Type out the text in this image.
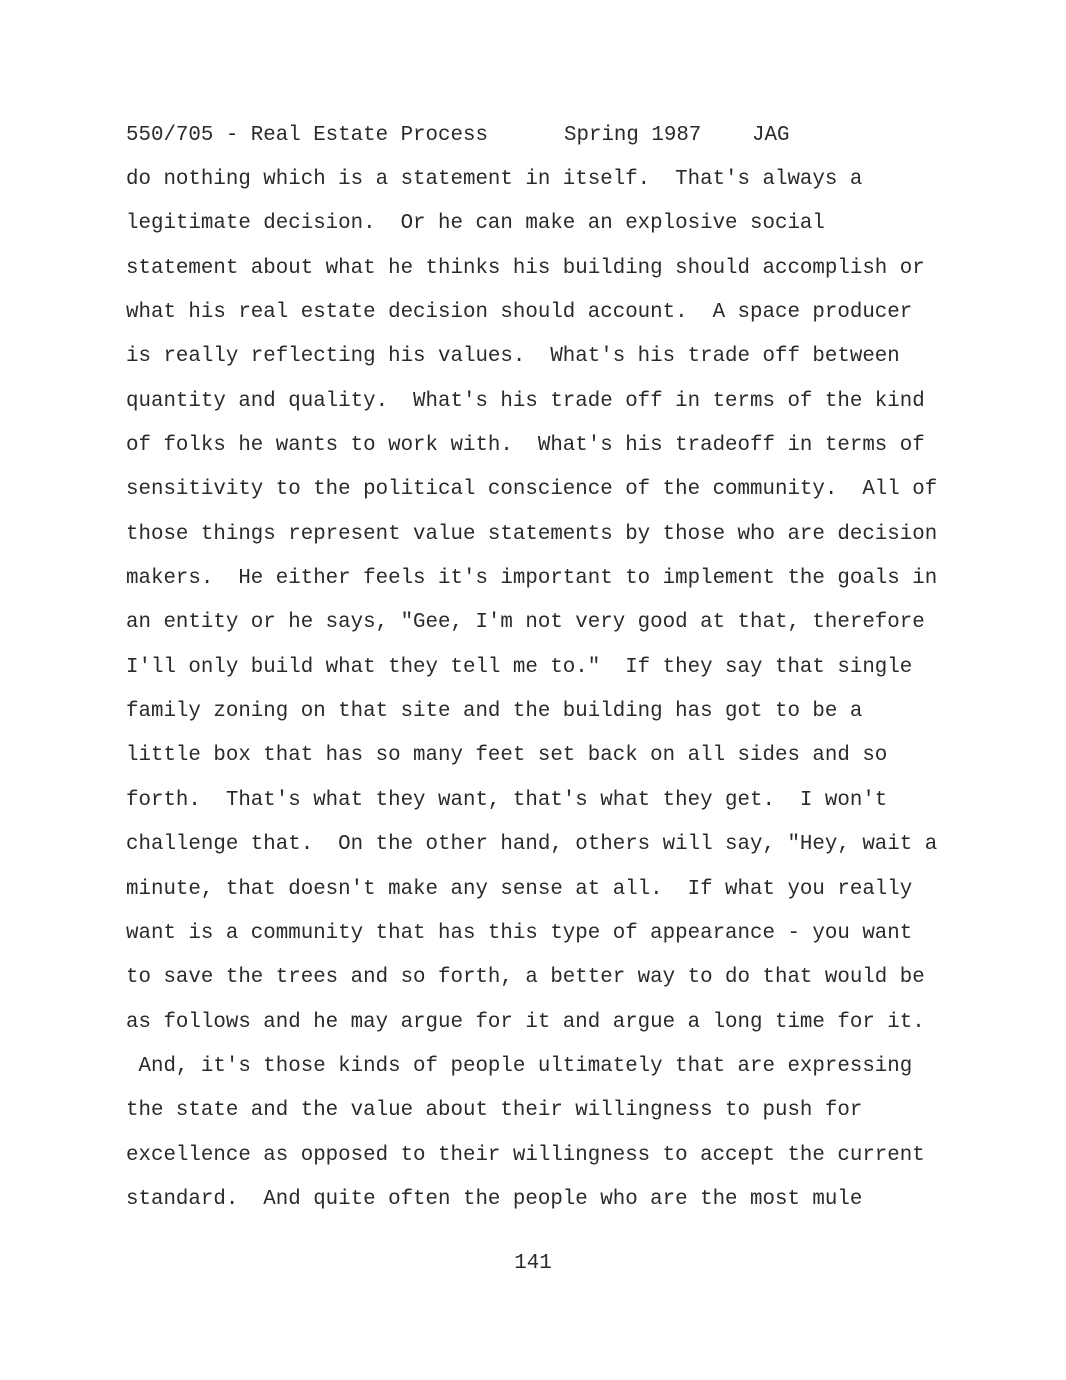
550/705 - Real Estate Process	Spring 1987 JAG
do nothing which is a statement in itself.  That's always a
legitimate decision.  Or he can make an explosive social
statement about what he thinks his building should accomplish or
what his real estate decision should account.  A space producer
is really reflecting his values.  What's his trade off between
quantity and quality.  What's his trade off in terms of the kind
of folks he wants to work with.  What's his tradeoff in terms of
sensitivity to the political conscience of the community.  All of
those things represent value statements by those who are decision
makers.  He either feels it's important to implement the goals in
an entity or he says, "Gee, I'm not very good at that, therefore
I'll only build what they tell me to."  If they say that single
family zoning on that site and the building has got to be a
little box that has so many feet set back on all sides and so
forth.  That's what they want, that's what they get.  I won't
challenge that.  On the other hand, others will say, "Hey, wait a
minute, that doesn't make any sense at all.  If what you really
want is a community that has this type of appearance - you want
to save the trees and so forth, a better way to do that would be
as follows and he may argue for it and argue a long time for it.
And, it's those kinds of people ultimately that are expressing
the state and the value about their willingness to push for
excellence as opposed to their willingness to accept the current
standard.  And quite often the people who are the most mule
141
